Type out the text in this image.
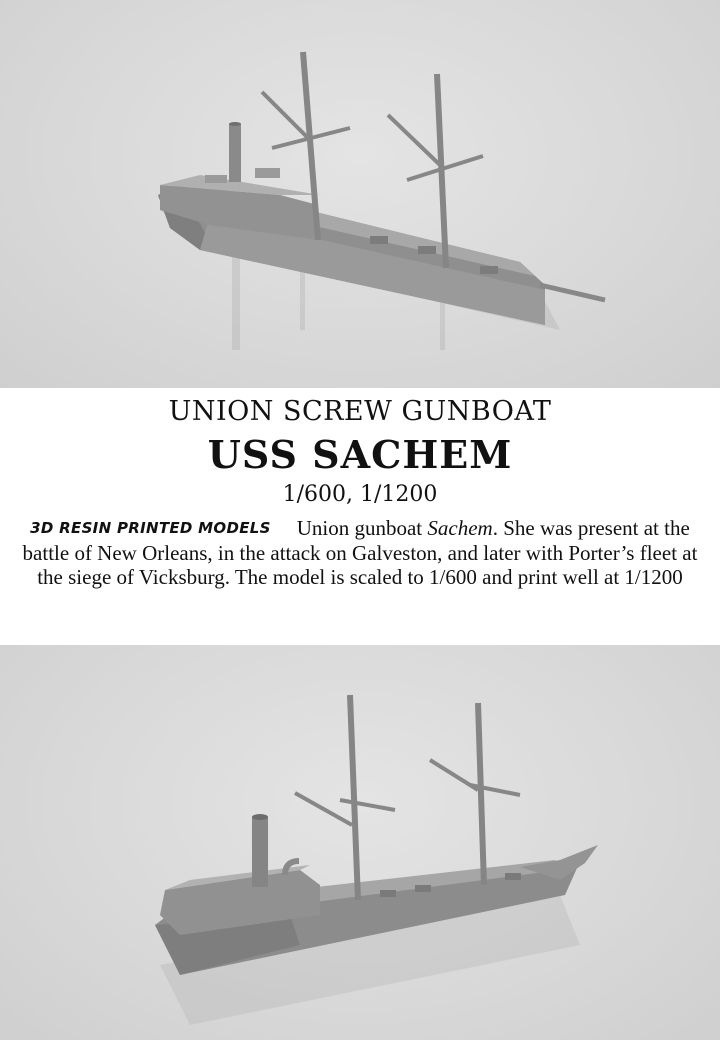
UNION SCREW GUNBOAT
USS SACHEM
1/600, 1/1200
3D RESIN PRINTED MODELS Union gunboat Sachem. She was present at the battle of New Orleans, in the attack on Galveston, and later with Porter’s fleet at the siege of Vicksburg. The model is scaled to 1/600 and print well at 1/1200
